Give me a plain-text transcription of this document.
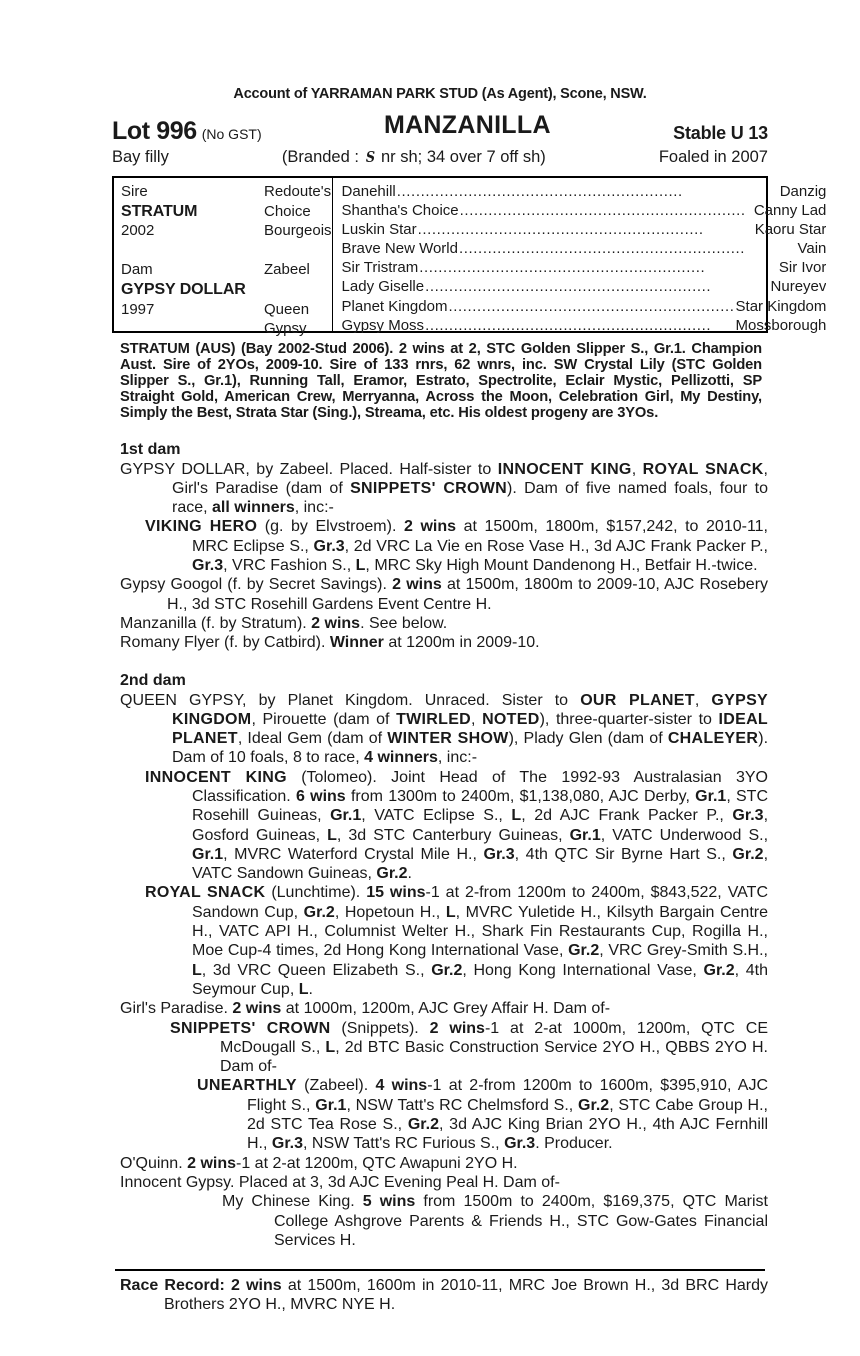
Account of YARRAMAN PARK STUD (As Agent), Scone, NSW.
Lot 996 (No GST)	MANZANILLA	Stable U 13
Bay filly	(Branded : S nr sh; 34 over 7 off sh)	Foaled in 2007
Sire	Redoute's Choice
STRATUM
2002	Bourgeois
Dam	Zabeel
GYPSY DOLLAR
1997	Queen Gypsy
Danehill ............................................................	Danzig
Shantha's Choice ............................................................ Canny Lad
Luskin Star ............................................................	Kaoru Star
Brave New World ............................................................	Vain
Sir Tristram ............................................................	Sir Ivor
Lady Giselle ............................................................	Nureyev
Planet Kingdom ............................................................ Star Kingdom
Gypsy Moss ............................................................	Mossborough
STRATUM (AUS) (Bay 2002-Stud 2006). 2 wins at 2, STC Golden Slipper S., Gr.1. Champion Aust. Sire of 2YOs, 2009-10. Sire of 133 rnrs, 62 wnrs, inc. SW Crystal Lily (STC Golden Slipper S., Gr.1), Running Tall, Eramor, Estrato, Spectrolite, Eclair Mystic, Pellizotti, SP Straight Gold, American Crew, Merryanna, Across the Moon, Celebration Girl, My Destiny, Simply the Best, Strata Star (Sing.), Streama, etc. His oldest progeny are 3YOs.
1st dam
GYPSY DOLLAR, by Zabeel. Placed. Half-sister to INNOCENT KING, ROYAL SNACK, Girl's Paradise (dam of SNIPPETS' CROWN). Dam of five named foals, four to race, all winners, inc:-
VIKING HERO (g. by Elvstroem). 2 wins at 1500m, 1800m, $157,242, to 2010-11, MRC Eclipse S., Gr.3, 2d VRC La Vie en Rose Vase H., 3d AJC Frank Packer P., Gr.3, VRC Fashion S., L, MRC Sky High Mount Dandenong H., Betfair H.-twice.
Gypsy Googol (f. by Secret Savings). 2 wins at 1500m, 1800m to 2009-10, AJC Rosebery H., 3d STC Rosehill Gardens Event Centre H.
Manzanilla (f. by Stratum). 2 wins. See below.
Romany Flyer (f. by Catbird). Winner at 1200m in 2009-10.
2nd dam
QUEEN GYPSY, by Planet Kingdom. Unraced. Sister to OUR PLANET, GYPSY KINGDOM, Pirouette (dam of TWIRLED, NOTED), three-quarter-sister to IDEAL PLANET, Ideal Gem (dam of WINTER SHOW), Plady Glen (dam of CHALEYER). Dam of 10 foals, 8 to race, 4 winners, inc:-
INNOCENT KING (Tolomeo). Joint Head of The 1992-93 Australasian 3YO Classification. 6 wins from 1300m to 2400m, $1,138,080, AJC Derby, Gr.1, STC Rosehill Guineas, Gr.1, VATC Eclipse S., L, 2d AJC Frank Packer P., Gr.3, Gosford Guineas, L, 3d STC Canterbury Guineas, Gr.1, VATC Underwood S., Gr.1, MVRC Waterford Crystal Mile H., Gr.3, 4th QTC Sir Byrne Hart S., Gr.2, VATC Sandown Guineas, Gr.2.
ROYAL SNACK (Lunchtime). 15 wins-1 at 2-from 1200m to 2400m, $843,522, VATC Sandown Cup, Gr.2, Hopetoun H., L, MVRC Yuletide H., Kilsyth Bargain Centre H., VATC API H., Columnist Welter H., Shark Fin Restaurants Cup, Rogilla H., Moe Cup-4 times, 2d Hong Kong International Vase, Gr.2, VRC Grey-Smith S.H., L, 3d VRC Queen Elizabeth S., Gr.2, Hong Kong International Vase, Gr.2, 4th Seymour Cup, L.
Girl's Paradise. 2 wins at 1000m, 1200m, AJC Grey Affair H. Dam of-
SNIPPETS' CROWN (Snippets). 2 wins-1 at 2-at 1000m, 1200m, QTC CE McDougall S., L, 2d BTC Basic Construction Service 2YO H., QBBS 2YO H. Dam of-
UNEARTHLY (Zabeel). 4 wins-1 at 2-from 1200m to 1600m, $395,910, AJC Flight S., Gr.1, NSW Tatt's RC Chelmsford S., Gr.2, STC Cabe Group H., 2d STC Tea Rose S., Gr.2, 3d AJC King Brian 2YO H., 4th AJC Fernhill H., Gr.3, NSW Tatt's RC Furious S., Gr.3. Producer.
O'Quinn. 2 wins-1 at 2-at 1200m, QTC Awapuni 2YO H.
Innocent Gypsy. Placed at 3, 3d AJC Evening Peal H. Dam of-
My Chinese King. 5 wins from 1500m to 2400m, $169,375, QTC Marist College Ashgrove Parents & Friends H., STC Gow-Gates Financial Services H.
Race Record: 2 wins at 1500m, 1600m in 2010-11, MRC Joe Brown H., 3d BRC Hardy Brothers 2YO H., MVRC NYE H.
